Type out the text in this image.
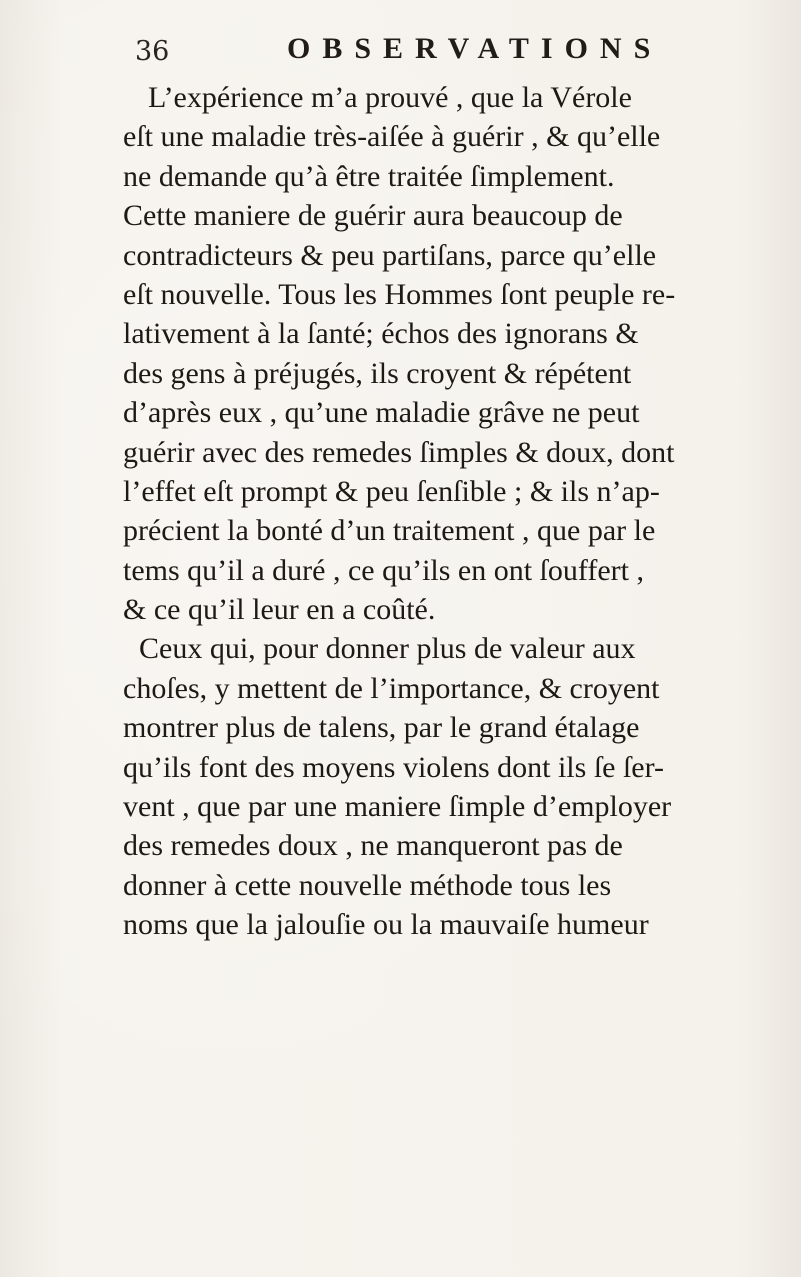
36	OBSERVATIONS
L’expérience m’a prouvé , que la Vérole
eſt une maladie très-aiſée à guérir , & qu’elle
ne demande qu’à être traitée ſimplement.
Cette maniere de guérir aura beaucoup de
contradicteurs & peu partiſans, parce qu’elle
eſt nouvelle. Tous les Hommes ſont peuple re-
lativement à la ſanté; échos des ignorans &
des gens à préjugés, ils croyent & répétent
d’après eux , qu’une maladie grâve ne peut
guérir avec des remedes ſimples & doux, dont
l’effet eſt prompt & peu ſenſible ; & ils n’ap-
précient la bonté d’un traitement , que par le
tems qu’il a duré , ce qu’ils en ont ſouffert ,
& ce qu’il leur en a coûté.
Ceux qui, pour donner plus de valeur aux
choſes, y mettent de l’importance, & croyent
montrer plus de talens, par le grand étalage
qu’ils font des moyens violens dont ils ſe ſer-
vent , que par une maniere ſimple d’employer
des remedes doux , ne manqueront pas de
donner à cette nouvelle méthode tous les
noms que la jalouſie ou la mauvaiſe humeur
